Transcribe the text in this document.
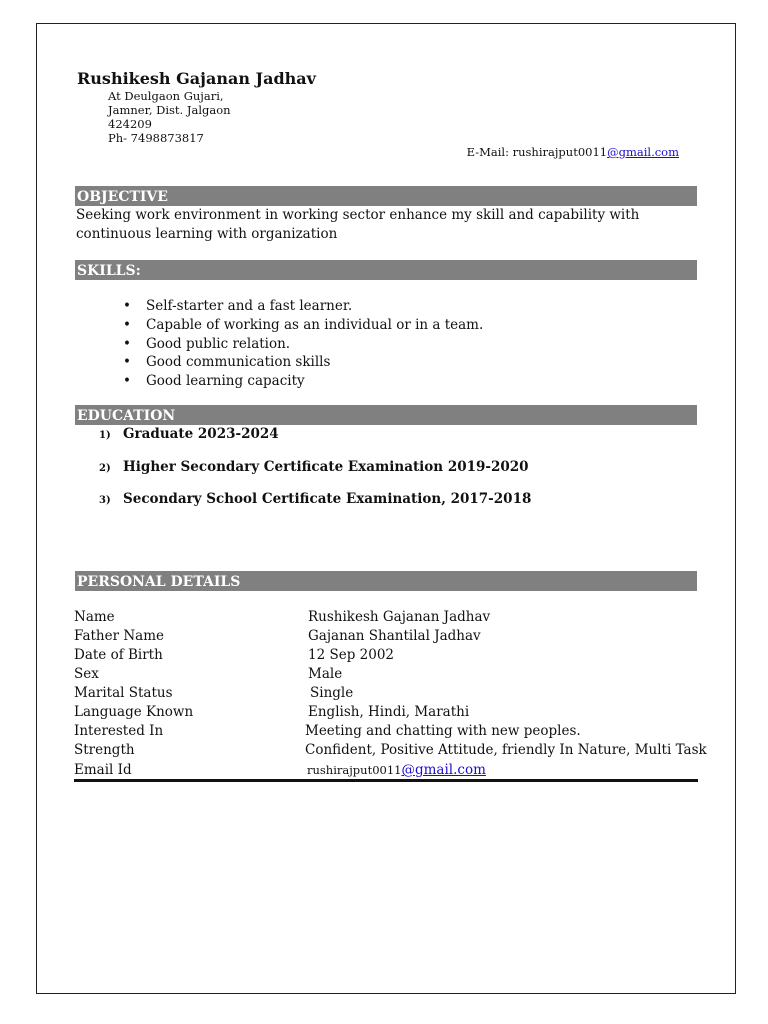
Rushikesh Gajanan Jadhav
At Deulgaon Gujari,
Jamner, Dist. Jalgaon
424209
Ph- 7498873817
E-Mail: rushirajput0011@gmail.com
OBJECTIVE
Seeking work environment in working sector enhance my skill and capability with continuous learning with organization
SKILLS:
• Self-starter and a fast learner.
• Capable of working as an individual or in a team.
• Good public relation.
• Good communication skills
• Good learning capacity
EDUCATION
1) Graduate 2023-2024
2) Higher Secondary Certificate Examination 2019-2020
3) Secondary School Certificate Examination, 2017-2018
PERSONAL DETAILS
Name	Rushikesh Gajanan Jadhav
Father Name	Gajanan Shantilal Jadhav
Date of Birth	12 Sep 2002
Sex	Male
Marital Status	Single
Language Known	English, Hindi, Marathi
Interested In	Meeting and chatting with new peoples.
Strength	Confident, Positive Attitude, friendly In Nature, Multi Task
Email Id	rushirajput0011@gmail.com
